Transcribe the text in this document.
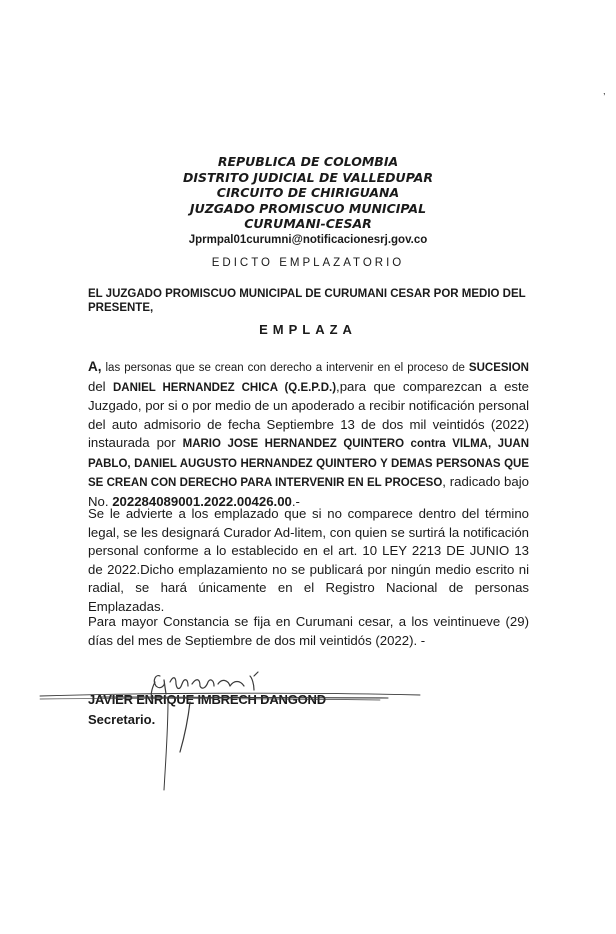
,
REPUBLICA DE COLOMBIA
DISTRITO JUDICIAL DE VALLEDUPAR
CIRCUITO DE CHIRIGUANA
JUZGADO PROMISCUO MUNICIPAL
CURUMANI-CESAR
Jprmpal01curumni@notificacionesrj.gov.co
EDICTO EMPLAZATORIO
EL JUZGADO PROMISCUO MUNICIPAL DE CURUMANI CESAR POR MEDIO DEL PRESENTE,
EMPLAZA
A, las personas que se crean con derecho a intervenir en el proceso de SUCESION del DANIEL HERNANDEZ CHICA (Q.E.P.D.),para que comparezcan a este Juzgado, por si o por medio de un apoderado a recibir notificación personal del auto admisorio de fecha Septiembre 13 de dos mil veintidós (2022) instaurada por MARIO JOSE HERNANDEZ QUINTERO contra VILMA, JUAN PABLO, DANIEL AUGUSTO HERNANDEZ QUINTERO Y DEMAS PERSONAS QUE SE CREAN CON DERECHO PARA INTERVENIR EN EL PROCESO, radicado bajo No. 202284089001.2022.00426.00.-
Se le advierte a los emplazado que si no comparece dentro del término legal, se les designará Curador Ad-litem, con quien se surtirá la notificación personal conforme a lo establecido en el art. 10 LEY 2213 DE JUNIO 13 de 2022.Dicho emplazamiento no se publicará por ningún medio escrito ni radial, se hará únicamente en el Registro Nacional de personas Emplazadas.
Para mayor Constancia se fija en Curumani cesar, a los veintinueve (29) días del mes de Septiembre de dos mil veintidós (2022). -
JAVIER ENRIQUE IMBRECH DANGOND
Secretario.
